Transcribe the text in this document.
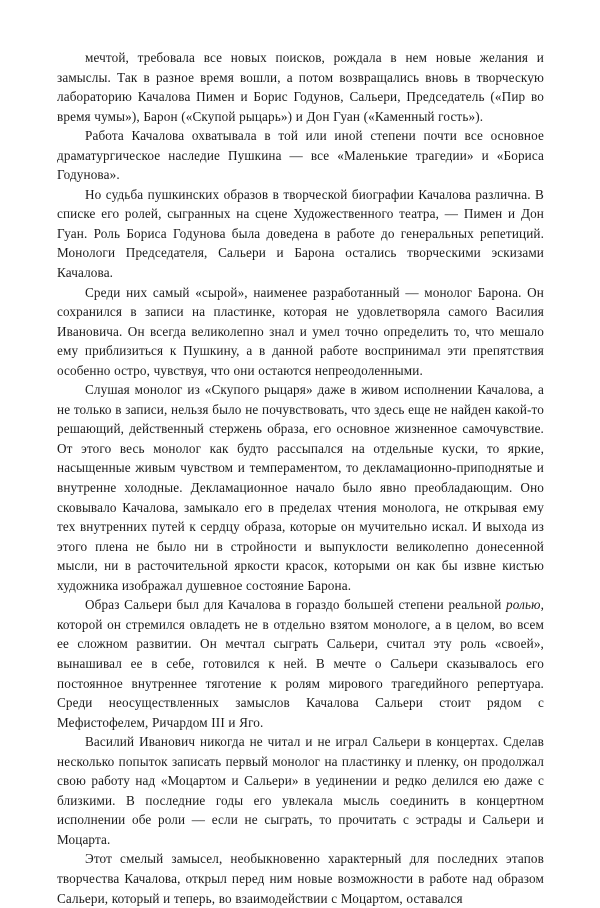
мечтой, требовала все новых поисков, рождала в нем новые желания и замыслы. Так в разное время вошли, а потом возвращались вновь в творческую лабораторию Качалова Пимен и Борис Годунов, Сальери, Председатель («Пир во время чумы»), Барон («Скупой рыцарь») и Дон Гуан («Каменный гость»).

Работа Качалова охватывала в той или иной степени почти все основное драматургическое наследие Пушкина — все «Маленькие трагедии» и «Бориса Годунова».

Но судьба пушкинских образов в творческой биографии Качалова различна. В списке его ролей, сыгранных на сцене Художественного театра, — Пимен и Дон Гуан. Роль Бориса Годунова была доведена в работе до генеральных репетиций. Монологи Председателя, Сальери и Барона остались творческими эскизами Качалова.

Среди них самый «сырой», наименее разработанный — монолог Барона. Он сохранился в записи на пластинке, которая не удовлетворяла самого Василия Ивановича. Он всегда великолепно знал и умел точно определить то, что мешало ему приблизиться к Пушкину, а в данной работе воспринимал эти препятствия особенно остро, чувствуя, что они остаются непреодоленными.

Слушая монолог из «Скупого рыцаря» даже в живом исполнении Качалова, а не только в записи, нельзя было не почувствовать, что здесь еще не найден какой-то решающий, действенный стержень образа, его основное жизненное самочувствие. От этого весь монолог как будто рассыпался на отдельные куски, то яркие, насыщенные живым чувством и темпераментом, то декламационно-приподнятые и внутренне холодные. Декламационное начало было явно преобладающим. Оно сковывало Качалова, замыкало его в пределах чтения монолога, не открывая ему тех внутренних путей к сердцу образа, которые он мучительно искал. И выхода из этого плена не было ни в стройности и выпуклости великолепно донесенной мысли, ни в расточительной яркости красок, которыми он как бы извне кистью художника изображал душевное состояние Барона.

Образ Сальери был для Качалова в гораздо большей степени реальной ролью, которой он стремился овладеть не в отдельно взятом монологе, а в целом, во всем ее сложном развитии. Он мечтал сыграть Сальери, считал эту роль «своей», вынашивал ее в себе, готовился к ней. В мечте о Сальери сказывалось его постоянное внутреннее тяготение к ролям мирового трагедийного репертуара. Среди неосуществленных замыслов Качалова Сальери стоит рядом с Мефистофелем, Ричардом III и Яго.

Василий Иванович никогда не читал и не играл Сальери в концертах. Сделав несколько попыток записать первый монолог на пластинку и пленку, он продолжал свою работу над «Моцартом и Сальери» в уединении и редко делился ею даже с близкими. В последние годы его увлекала мысль соединить в концертном исполнении обе роли — если не сыграть, то прочитать с эстрады и Сальери и Моцарта.

Этот смелый замысел, необыкновенно характерный для последних этапов творчества Качалова, открыл перед ним новые возможности в работе над образом Сальери, который и теперь, во взаимодействии с Моцартом, оставался
